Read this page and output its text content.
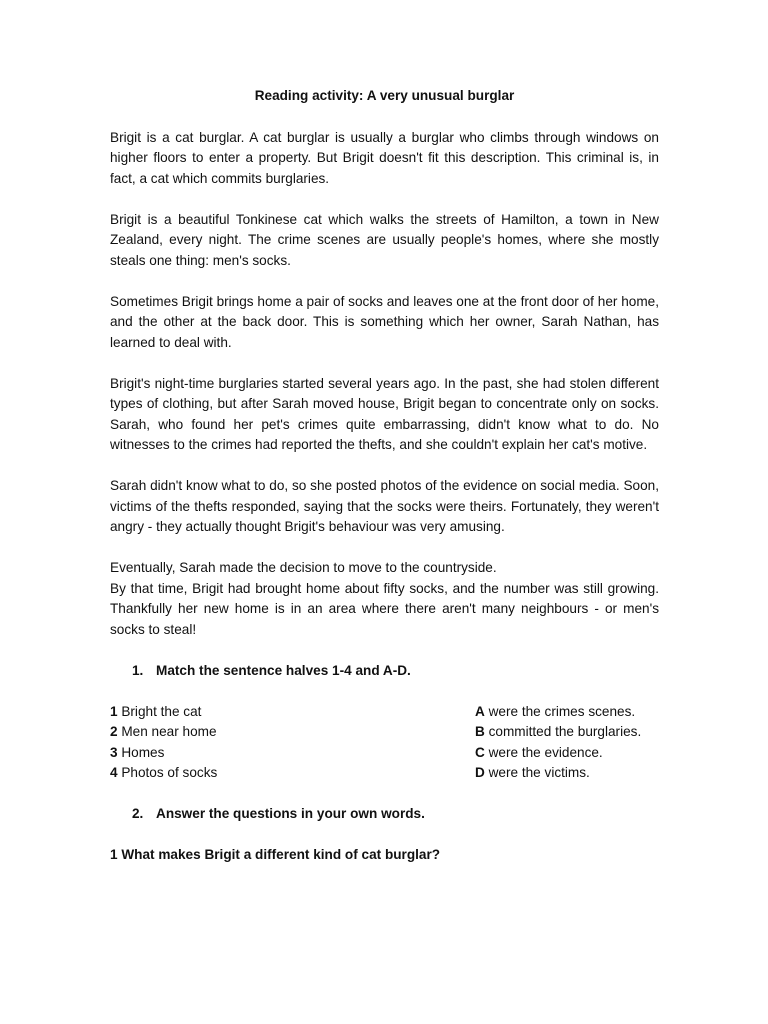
Reading activity: A very unusual burglar

Brigit is a cat burglar. A cat burglar is usually a burglar who climbs through windows on higher floors to enter a property. But Brigit doesn't fit this description. This criminal is, in fact, a cat which commits burglaries.

Brigit is a beautiful Tonkinese cat which walks the streets of Hamilton, a town in New Zealand, every night. The crime scenes are usually people's homes, where she mostly steals one thing: men's socks.

Sometimes Brigit brings home a pair of socks and leaves one at the front door of her home, and the other at the back door. This is something which her owner, Sarah Nathan, has learned to deal with.

Brigit's night-time burglaries started several years ago. In the past, she had stolen different types of clothing, but after Sarah moved house, Brigit began to concentrate only on socks. Sarah, who found her pet's crimes quite embarrassing, didn't know what to do. No witnesses to the crimes had reported the thefts, and she couldn't explain her cat's motive.

Sarah didn't know what to do, so she posted photos of the evidence on social media. Soon, victims of the thefts responded, saying that the socks were theirs. Fortunately, they weren't angry - they actually thought Brigit's behaviour was very amusing.

Eventually, Sarah made the decision to move to the countryside.

By that time, Brigit had brought home about fifty socks, and the number was still growing. Thankfully her new home is in an area where there aren't many neighbours - or men's socks to steal!

1. Match the sentence halves 1-4 and A-D.
1 Bright the cat
2 Men near home
3 Homes
4 Photos of socks
A were the crimes scenes.
B committed the burglaries.
C were the evidence.
D were the victims.
2. Answer the questions in your own words.

1 What makes Brigit a different kind of cat burglar?
